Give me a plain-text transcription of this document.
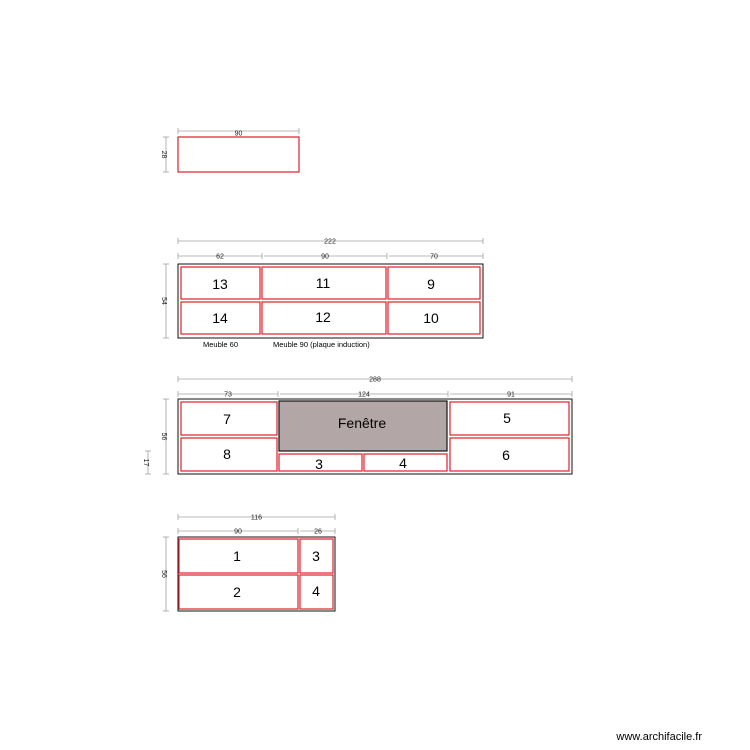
90
28
222
62	90	70
54
13	11	9
14	12	10
Meuble 60	Meuble 90 (plaque induction)
288
73	124	91
56
17
7
8
Fenêtre
3	4
5
6
116
90	26
56
1	3
2	4
www.archifacile.fr
